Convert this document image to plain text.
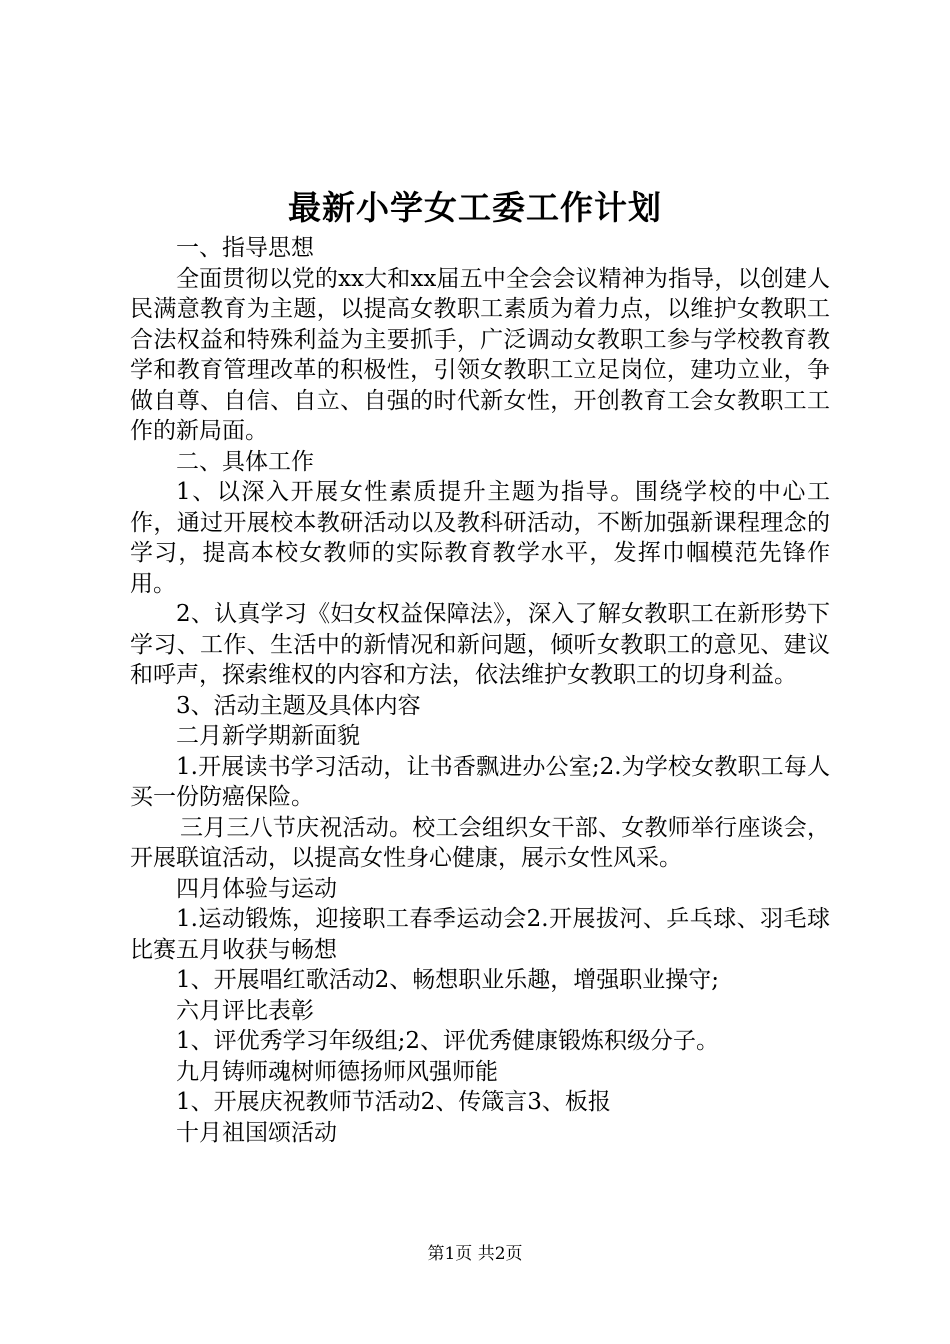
最新小学女工委工作计划

一、指导思想

全面贯彻以党的xx大和xx届五中全会会议精神为指导，以创建人民满意教育为主题，以提高女教职工素质为着力点，以维护女教职工合法权益和特殊利益为主要抓手，广泛调动女教职工参与学校教育教学和教育管理改革的积极性，引领女教职工立足岗位，建功立业，争做自尊、自信、自立、自强的时代新女性，开创教育工会女教职工工作的新局面。

二、具体工作

1、以深入开展女性素质提升主题为指导。围绕学校的中心工作，通过开展校本教研活动以及教科研活动，不断加强新课程理念的学习，提高本校女教师的实际教育教学水平，发挥巾帼模范先锋作用。

2、认真学习《妇女权益保障法》，深入了解女教职工在新形势下学习、工作、生活中的新情况和新问题，倾听女教职工的意见、建议和呼声，探索维权的内容和方法，依法维护女教职工的切身利益。

3、活动主题及具体内容

二月新学期新面貌

1.开展读书学习活动，让书香飘进办公室;2.为学校女教职工每人买一份防癌保险。

三月三八节庆祝活动。校工会组织女干部、女教师举行座谈会，开展联谊活动，以提高女性身心健康，展示女性风采。

四月体验与运动

1.运动锻炼，迎接职工春季运动会2.开展拔河、乒乓球、羽毛球比赛五月收获与畅想

1、开展唱红歌活动2、畅想职业乐趣，增强职业操守;

六月评比表彰

1、评优秀学习年级组;2、评优秀健康锻炼积级分子。

九月铸师魂树师德扬师风强师能

1、开展庆祝教师节活动2、传箴言3、板报

十月祖国颂活动

第1页 共2页
